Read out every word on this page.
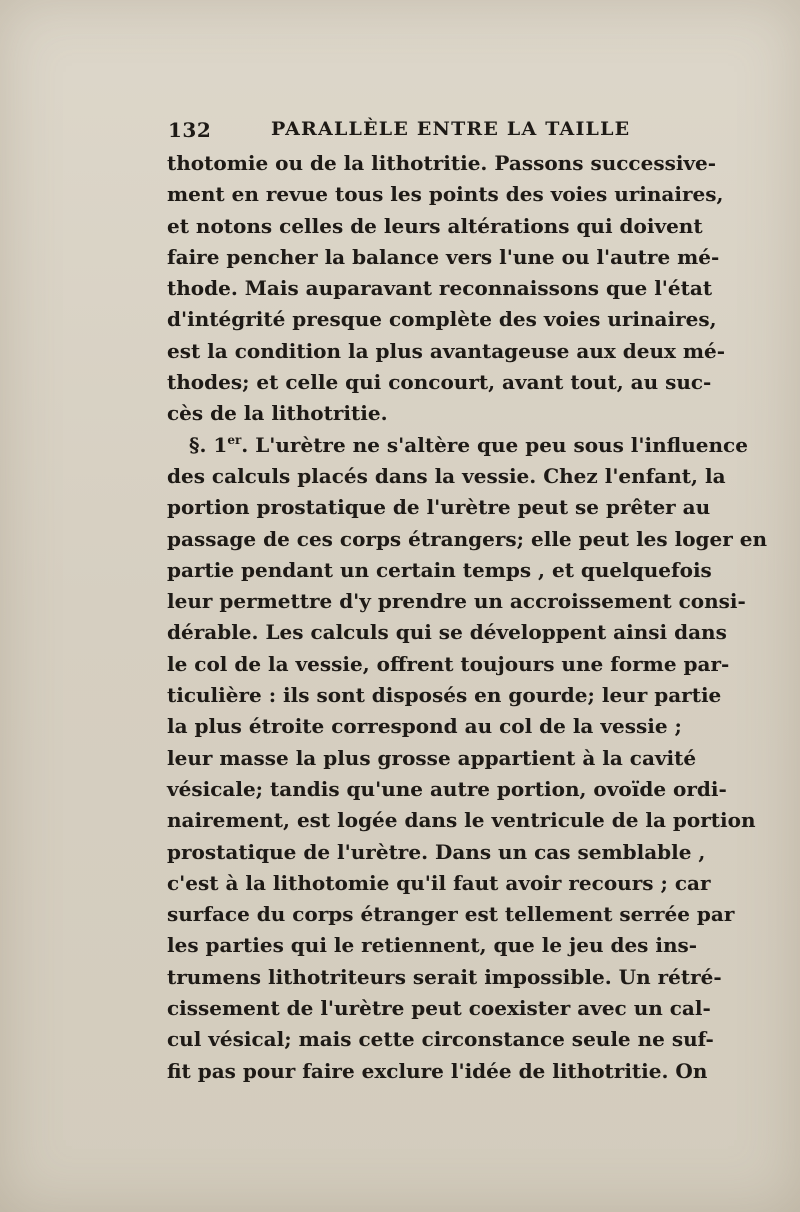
132	PARALLÈLE ENTRE LA TAILLE
thotomie ou de la lithotritie. Passons successive-
ment en revue tous les points des voies urinaires,
et notons celles de leurs altérations qui doivent
faire pencher la balance vers l'une ou l'autre mé-
thode. Mais auparavant reconnaissons que l'état
d'intégrité presque complète des voies urinaires,
est la condition la plus avantageuse aux deux mé-
thodes; et celle qui concourt, avant tout, au suc-
cès de la lithotritie.
§. 1er. L'urètre ne s'altère que peu sous l'influence
des calculs placés dans la vessie. Chez l'enfant, la
portion prostatique de l'urètre peut se prêter au
passage de ces corps étrangers; elle peut les loger en
partie pendant un certain temps , et quelquefois
leur permettre d'y prendre un accroissement consi-
dérable. Les calculs qui se développent ainsi dans
le col de la vessie, offrent toujours une forme par-
ticulière : ils sont disposés en gourde; leur partie
la plus étroite correspond au col de la vessie ;
leur masse la plus grosse appartient à la cavité
vésicale; tandis qu'une autre portion, ovoïde ordi-
nairement, est logée dans le ventricule de la portion
prostatique de l'urètre. Dans un cas semblable ,
c'est à la lithotomie qu'il faut avoir recours ; car
surface du corps étranger est tellement serrée par
les parties qui le retiennent, que le jeu des ins-
trumens lithotriteurs serait impossible. Un rétré-
cissement de l'urètre peut coexister avec un cal-
cul vésical; mais cette circonstance seule ne suf-
fit pas pour faire exclure l'idée de lithotritie. On
